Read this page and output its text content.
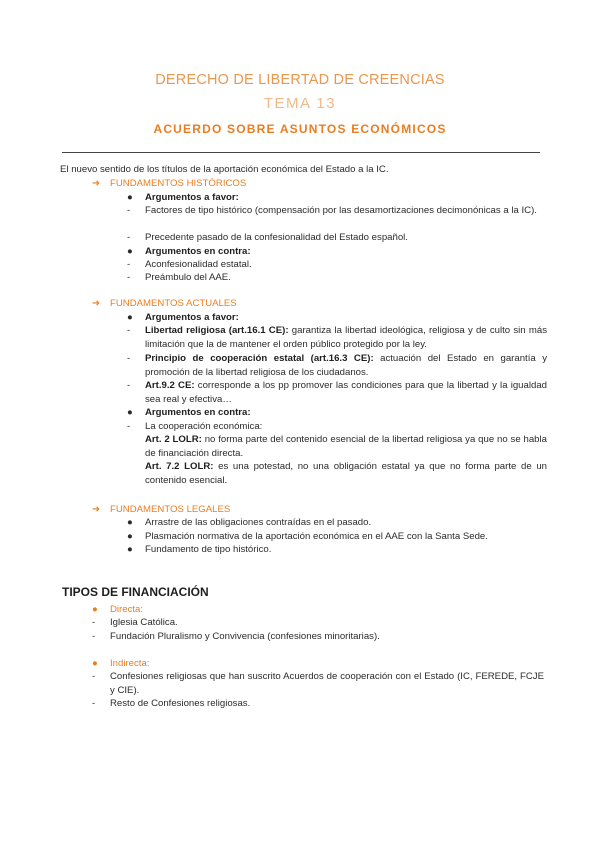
DERECHO DE LIBERTAD DE CREENCIAS
TEMA 13
ACUERDO SOBRE ASUNTOS ECONÓMICOS
El nuevo sentido de los títulos de la aportación económica del Estado a la IC.
➔ FUNDAMENTOS HISTÓRICOS
●	Argumentos a favor:
-	Factores de tipo histórico (compensación por las desamortizaciones decimonónicas a la IC).
-	Precedente pasado de la confesionalidad del Estado español.
●	Argumentos en contra:
-	Aconfesionalidad estatal.
-	Preámbulo del AAE.
➔ FUNDAMENTOS ACTUALES
●	Argumentos a favor:
-	Libertad religiosa (art.16.1 CE): garantiza la libertad ideológica, religiosa y de culto sin más limitación que la de mantener el orden público protegido por la ley.
-	Principio de cooperación estatal (art.16.3 CE): actuación del Estado en garantía y promoción de la libertad religiosa de los ciudadanos.
-	Art.9.2 CE: corresponde a los pp promover las condiciones para que la libertad y la igualdad sea real y efectiva…
●	Argumentos en contra:
-	La cooperación económica:
Art. 2 LOLR: no forma parte del contenido esencial de la libertad religiosa ya que no se habla de financiación directa.
Art. 7.2 LOLR: es una potestad, no una obligación estatal ya que no forma parte de un contenido esencial.
➔ FUNDAMENTOS LEGALES
●	Arrastre de las obligaciones contraídas en el pasado.
●	Plasmación normativa de la aportación económica en el AAE con la Santa Sede.
●	Fundamento de tipo histórico.
TIPOS DE FINANCIACIÓN
●	Directa:
-	Iglesia Católica.
-	Fundación Pluralismo y Convivencia (confesiones minoritarias).
●	Indirecta:
-	Confesiones religiosas que han suscrito Acuerdos de cooperación con el Estado (IC, FEREDE, FCJE y CIE).
-	Resto de Confesiones religiosas.
